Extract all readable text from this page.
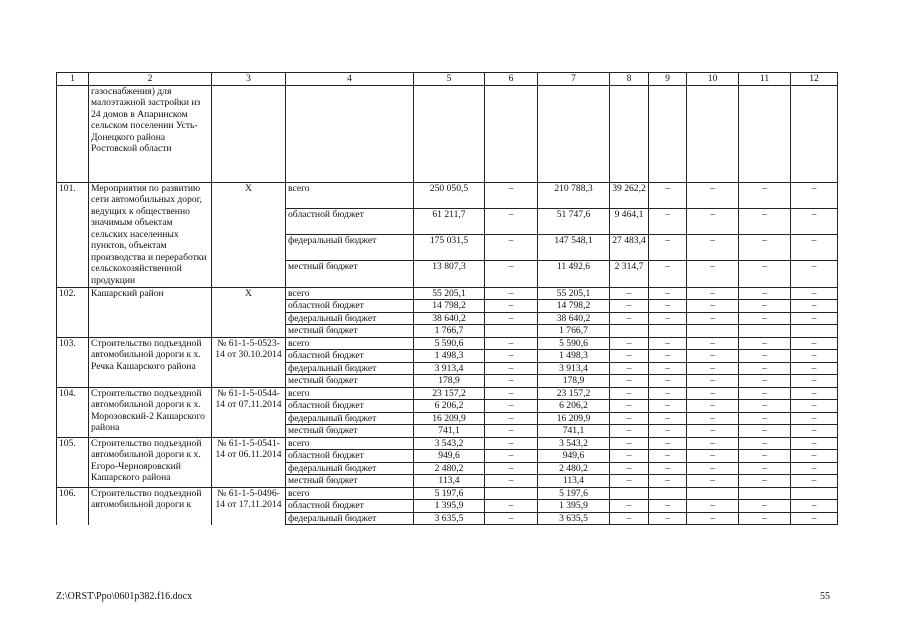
1	2	3	4	5	6	7	8	9	10	11	12
	газоснабжения) для малоэтажной застройки из 24 домов в Апаринском сельском поселении Усть-Донецкого района Ростовской области										
101.	Мероприятия по развитию сети автомобильных дорог, ведущих к общественно значимым объектам сельских населенных пунктов, объектам производства и переработки сельскохозяйственной продукции	Х	всего	250 050,5	–	210 788,3	39 262,2	–	–	–	–
			областной бюджет	61 211,7	–	51 747,6	9 464,1	–	–	–	–
			федеральный бюджет	175 031,5	–	147 548,1	27 483,4	–	–	–	–
			местный бюджет	13 807,3	–	11 492,6	2 314,7	–	–	–	–
102.	Кашарский район	Х	всего	55 205,1	–	55 205,1	–	–	–	–	–
			областной бюджет	14 798,2	–	14 798,2	–	–	–	–	–
			федеральный бюджет	38 640,2	–	38 640,2	–	–	–	–	–
			местный бюджет	1 766,7		1 766,7					
103.	Строительство подъездной автомобильной дороги к х. Речка Кашарского района	№ 61-1-5-0523-14 от 30.10.2014	всего	5 590,6	–	5 590,6	–	–	–	–	–
			областной бюджет	1 498,3	–	1 498,3	–	–	–	–	–
			федеральный бюджет	3 913,4	–	3 913,4	–	–	–	–	–
			местный бюджет	178,9	–	178,9	–	–	–	–	–
104.	Строительство подъездной автомобильной дороги к х. Морозовский-2 Кашарского района	№ 61-1-5-0544-14 от 07.11.2014	всего	23 157,2	–	23 157,2	–	–	–	–	–
			областной бюджет	6 206,2	–	6 206,2	–	–	–	–	–
			федеральный бюджет	16 209,9	–	16 209,9	–	–	–	–	–
			местный бюджет	741,1	–	741,1	–	–	–	–	–
105.	Строительство подъездной автомобильной дороги к х. Егоро-Чернояровский Кашарского района	№ 61-1-5-0541-14 от 06.11.2014	всего	3 543,2	–	3 543,2	–	–	–	–	–
			областной бюджет	949,6	–	949,6	–	–	–	–	–
			федеральный бюджет	2 480,2	–	2 480,2	–	–	–	–	–
			местный бюджет	113,4	–	113,4	–	–	–	–	–
106.	Строительство подъездной автомобильной дороги к	№ 61-1-5-0496-14 от 17.11.2014	всего	5 197,6		5 197,6					
			областной бюджет	1 395,9	–	1 395,9	–	–	–	–	–
			федеральный бюджет	3 635,5	–	3 635,5	–	–	–	–	–
Z:\ORST\Ppo\0601p382.f16.docx	55
